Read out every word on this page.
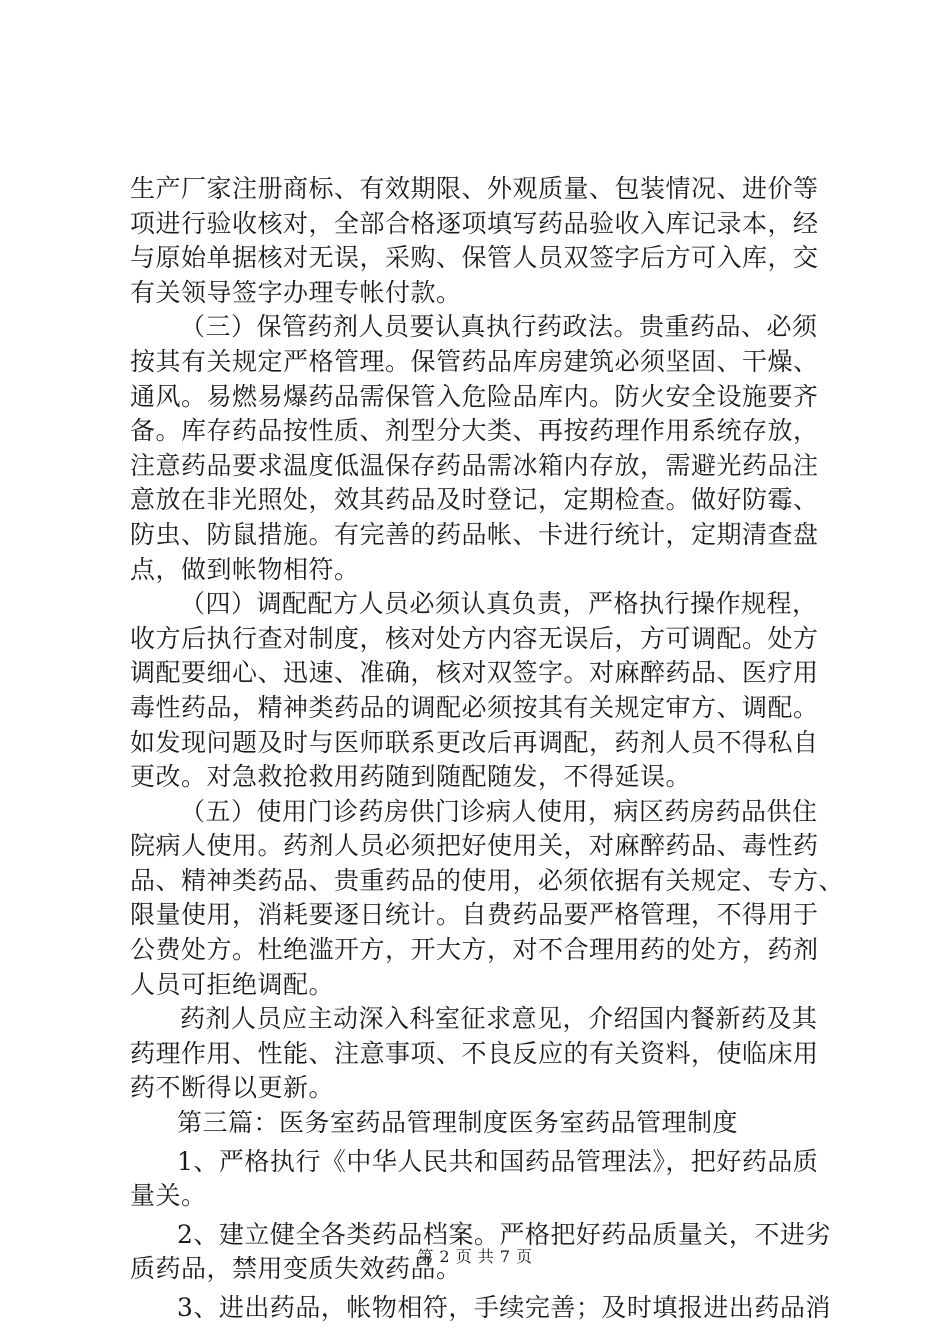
生产厂家注册商标、有效期限、外观质量、包装情况、进价等
项进行验收核对，全部合格逐项填写药品验收入库记录本，经
与原始单据核对无误，采购、保管人员双签字后方可入库，交
有关领导签字办理专帐付款。
（三）保管药剂人员要认真执行药政法。贵重药品、必须
按其有关规定严格管理。保管药品库房建筑必须坚固、干燥、
通风。易燃易爆药品需保管入危险品库内。防火安全设施要齐
备。库存药品按性质、剂型分大类、再按药理作用系统存放，
注意药品要求温度低温保存药品需冰箱内存放，需避光药品注
意放在非光照处，效其药品及时登记，定期检查。做好防霉、
防虫、防鼠措施。有完善的药品帐、卡进行统计，定期清查盘
点，做到帐物相符。
（四）调配配方人员必须认真负责，严格执行操作规程，
收方后执行查对制度，核对处方内容无误后，方可调配。处方
调配要细心、迅速、准确，核对双签字。对麻醉药品、医疗用
毒性药品，精神类药品的调配必须按其有关规定审方、调配。
如发现问题及时与医师联系更改后再调配，药剂人员不得私自
更改。对急救抢救用药随到随配随发，不得延误。
（五）使用门诊药房供门诊病人使用，病区药房药品供住
院病人使用。药剂人员必须把好使用关，对麻醉药品、毒性药
品、精神类药品、贵重药品的使用，必须依据有关规定、专方、
限量使用，消耗要逐日统计。自费药品要严格管理，不得用于
公费处方。杜绝滥开方，开大方，对不合理用药的处方，药剂
人员可拒绝调配。
药剂人员应主动深入科室征求意见，介绍国内餐新药及其
药理作用、性能、注意事项、不良反应的有关资料，使临床用
药不断得以更新。
第三篇：医务室药品管理制度医务室药品管理制度
1、严格执行《中华人民共和国药品管理法》，把好药品质
量关。
2、建立健全各类药品档案。严格把好药品质量关，不进劣
质药品，禁用变质失效药品。
3、进出药品，帐物相符，手续完善；及时填报进出药品消
第 2 页 共 7 页
